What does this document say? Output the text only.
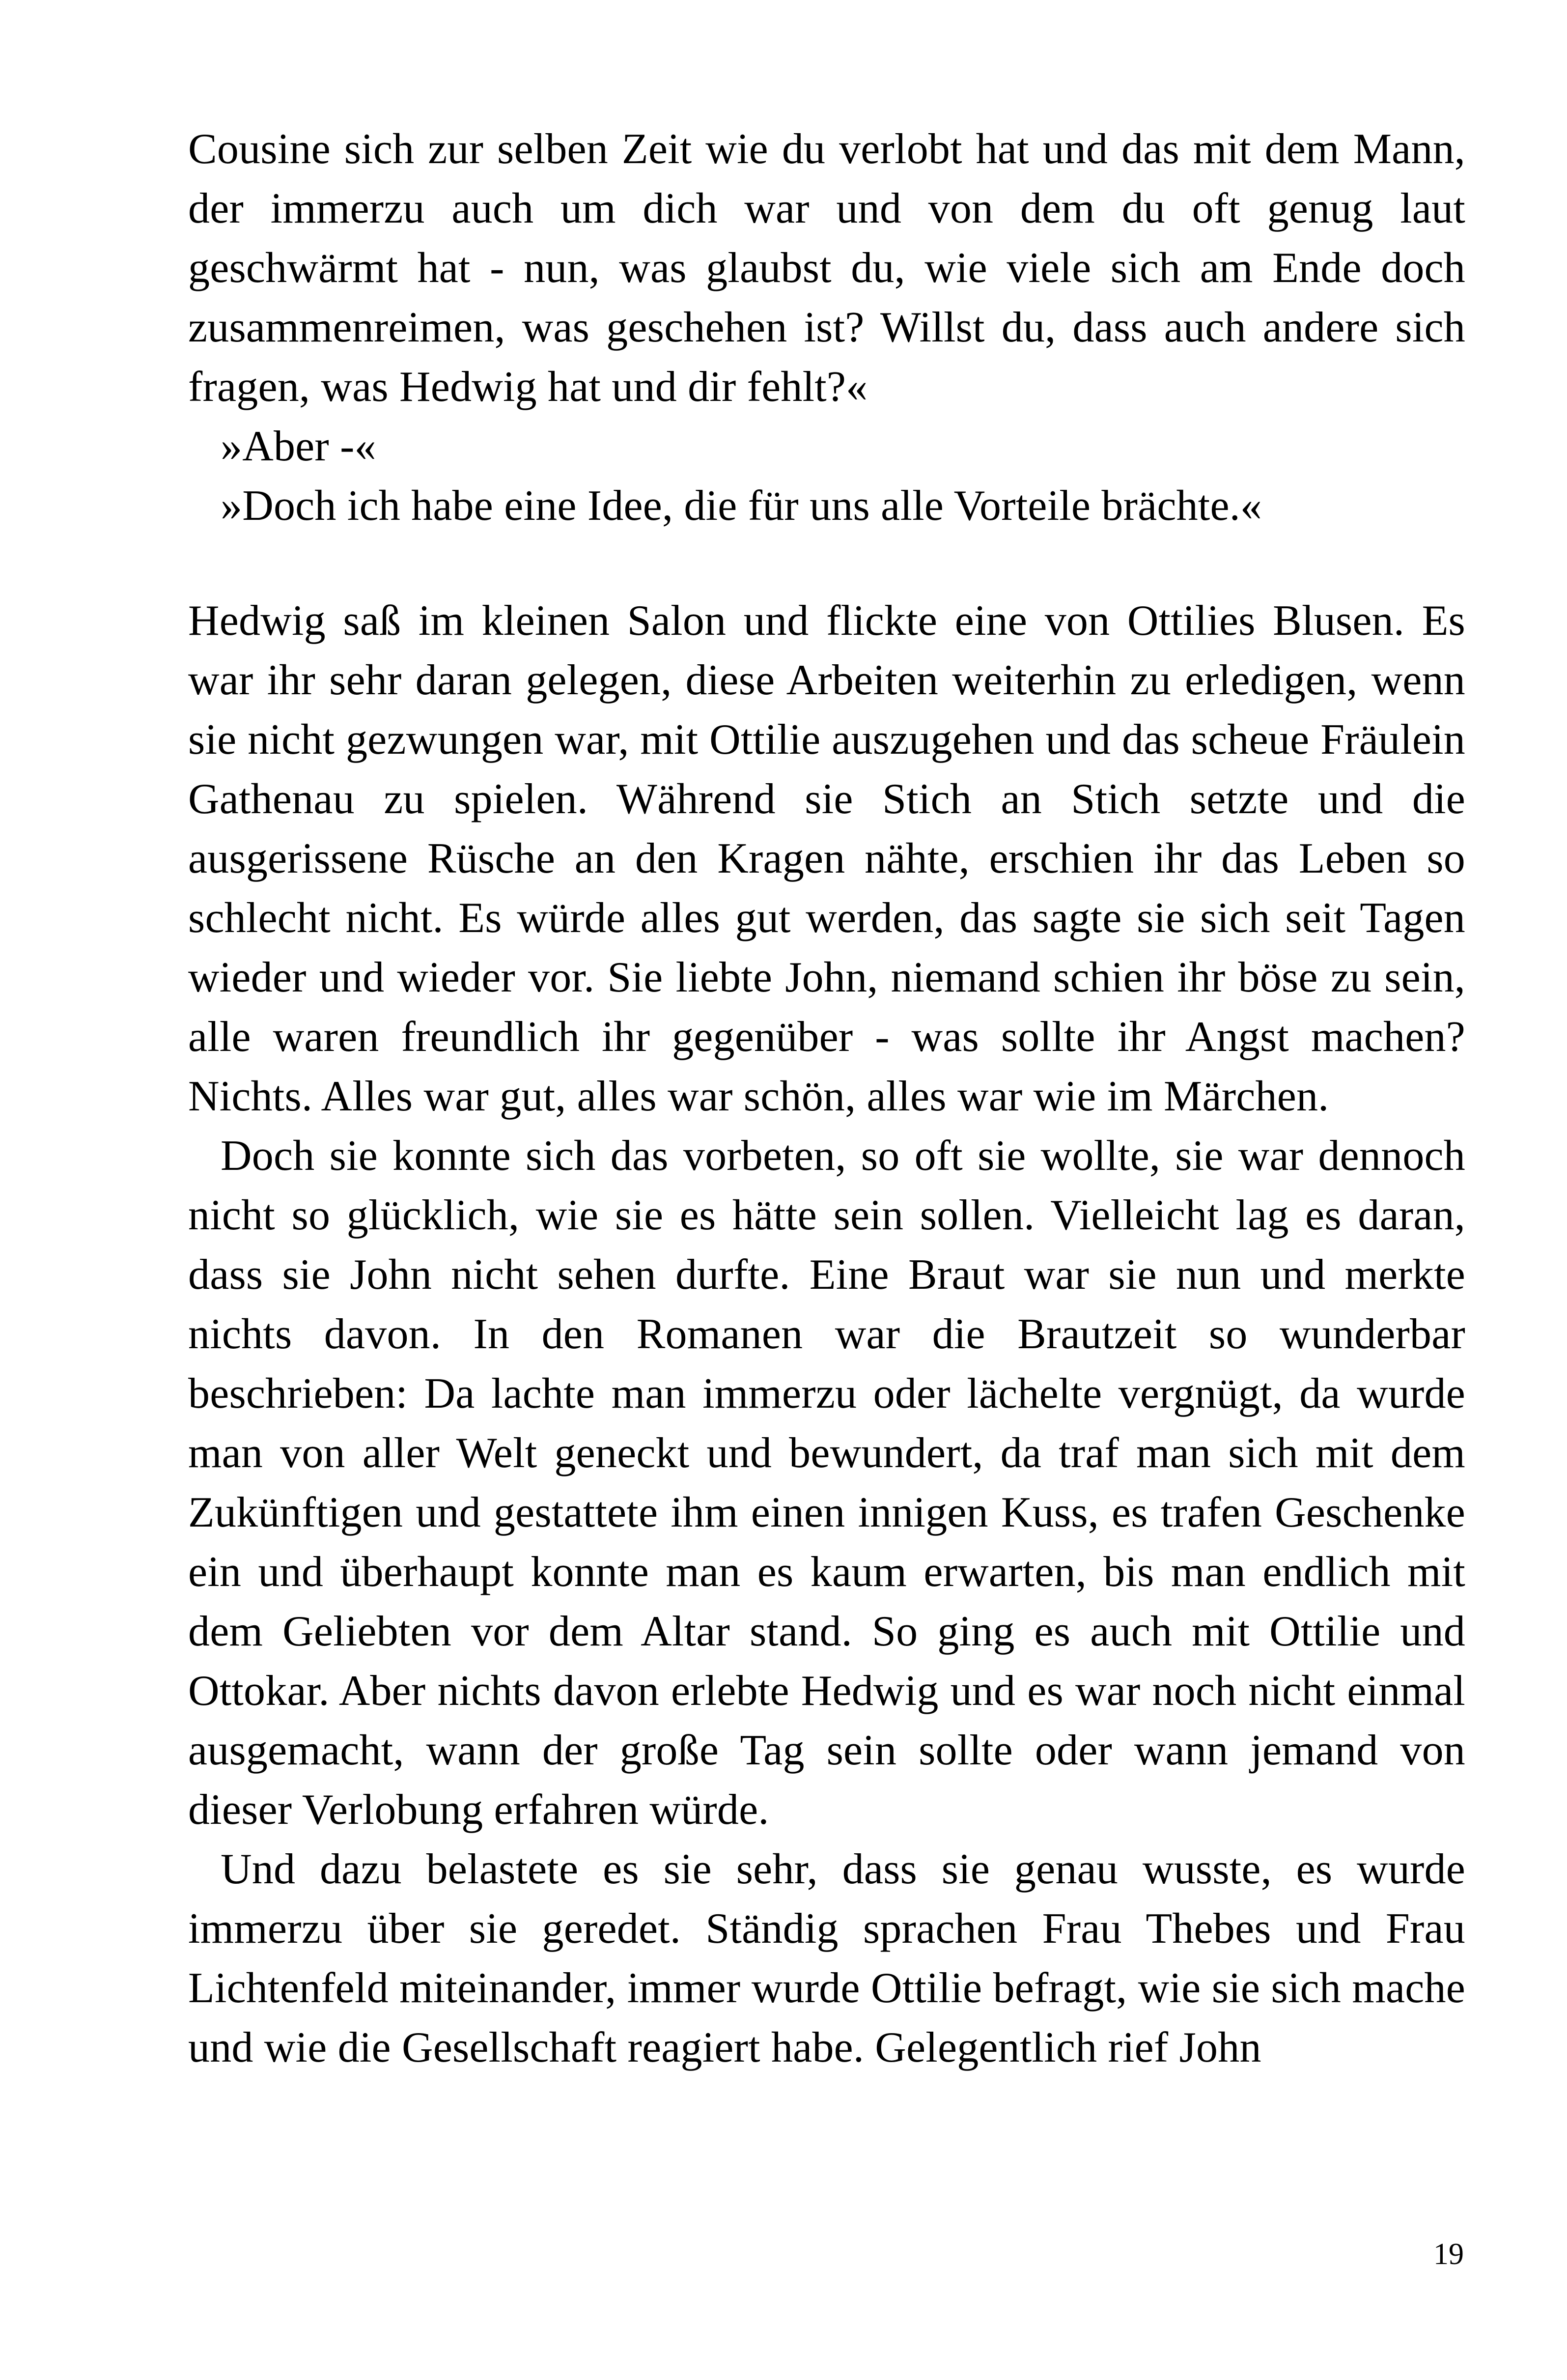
Cousine sich zur selben Zeit wie du verlobt hat und das mit dem Mann, der immerzu auch um dich war und von dem du oft genug laut geschwärmt hat - nun, was glaubst du, wie viele sich am Ende doch zusammenreimen, was geschehen ist? Willst du, dass auch andere sich fragen, was Hedwig hat und dir fehlt?«

»Aber -«

»Doch ich habe eine Idee, die für uns alle Vorteile brächte.«

Hedwig saß im kleinen Salon und flickte eine von Ottilies Blusen. Es war ihr sehr daran gelegen, diese Arbeiten weiterhin zu erledigen, wenn sie nicht gezwungen war, mit Ottilie auszugehen und das scheue Fräulein Gathenau zu spielen. Während sie Stich an Stich setzte und die ausgerissene Rüsche an den Kragen nähte, erschien ihr das Leben so schlecht nicht. Es würde alles gut werden, das sagte sie sich seit Tagen wieder und wieder vor. Sie liebte John, niemand schien ihr böse zu sein, alle waren freundlich ihr gegenüber - was sollte ihr Angst machen? Nichts. Alles war gut, alles war schön, alles war wie im Märchen.

Doch sie konnte sich das vorbeten, so oft sie wollte, sie war dennoch nicht so glücklich, wie sie es hätte sein sollen. Vielleicht lag es daran, dass sie John nicht sehen durfte. Eine Braut war sie nun und merkte nichts davon. In den Romanen war die Brautzeit so wunderbar beschrieben: Da lachte man immerzu oder lächelte vergnügt, da wurde man von aller Welt geneckt und bewundert, da traf man sich mit dem Zukünftigen und gestattete ihm einen innigen Kuss, es trafen Geschenke ein und überhaupt konnte man es kaum erwarten, bis man endlich mit dem Geliebten vor dem Altar stand. So ging es auch mit Ottilie und Ottokar. Aber nichts davon erlebte Hedwig und es war noch nicht einmal ausgemacht, wann der große Tag sein sollte oder wann jemand von dieser Verlobung erfahren würde.

Und dazu belastete es sie sehr, dass sie genau wusste, es wurde immerzu über sie geredet. Ständig sprachen Frau Thebes und Frau Lichtenfeld miteinander, immer wurde Ottilie befragt, wie sie sich mache und wie die Gesellschaft reagiert habe. Gelegentlich rief John

19
